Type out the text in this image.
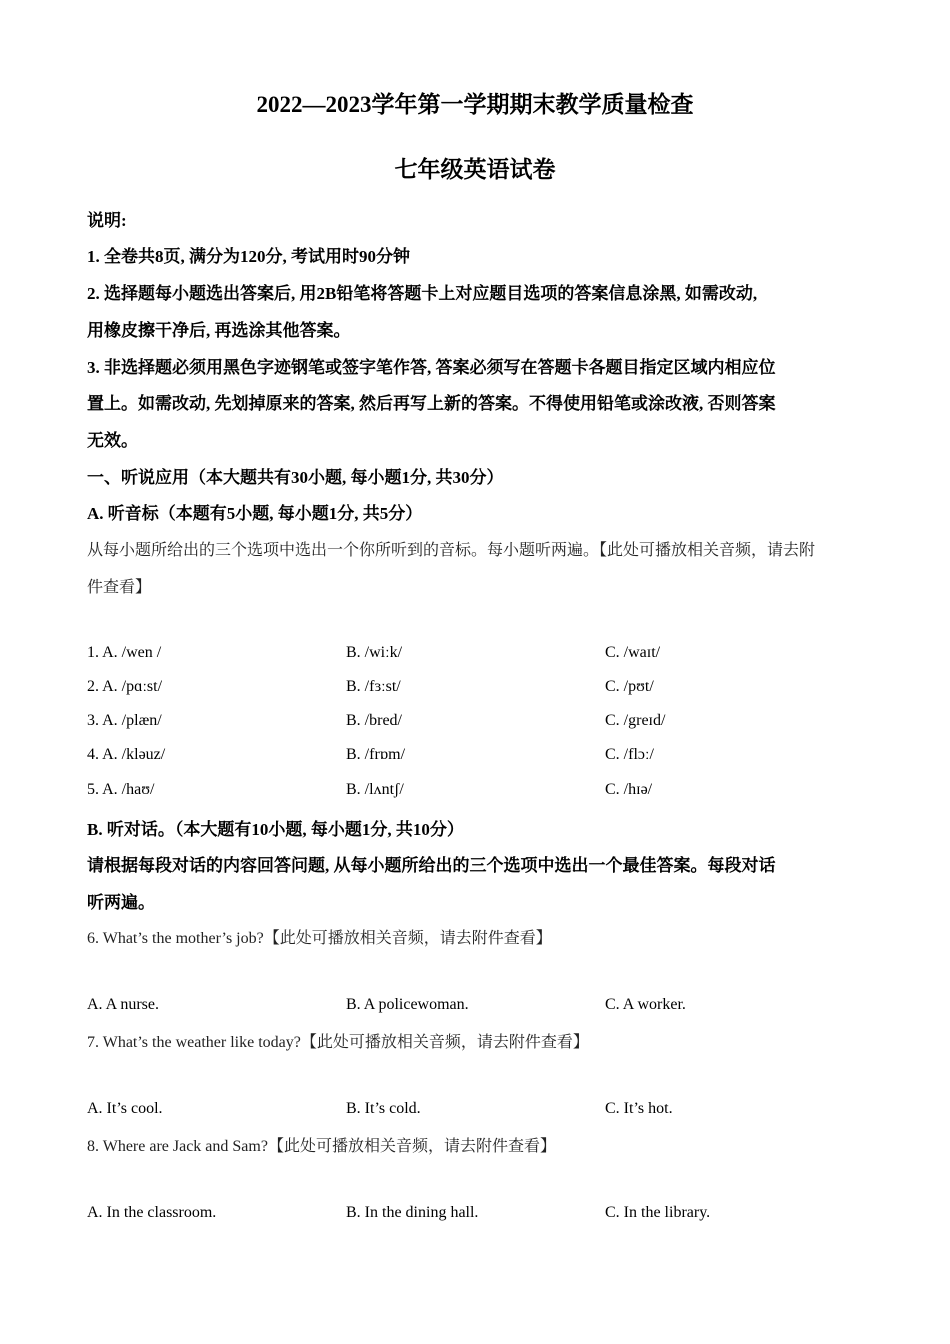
2022—2023学年第一学期期末教学质量检查
七年级英语试卷
说明:
1. 全卷共8页, 满分为120分, 考试用时90分钟
2. 选择题每小题选出答案后, 用2B铅笔将答题卡上对应题目选项的答案信息涂黑, 如需改动,
用橡皮擦干净后, 再选涂其他答案。
3. 非选择题必须用黑色字迹钢笔或签字笔作答, 答案必须写在答题卡各题目指定区域内相应位
置上。如需改动, 先划掉原来的答案, 然后再写上新的答案。不得使用铅笔或涂改液, 否则答案
无效。
一、听说应用（本大题共有30小题, 每小题1分, 共30分）
A. 听音标（本题有5小题, 每小题1分, 共5分）
从每小题所给出的三个选项中选出一个你所听到的音标。每小题听两遍。【此处可播放相关音频，请去附
件查看】
1. A. /wen /	B. /wiːk/	C. /waɪt/
2. A. /pɑːst/	B. /fɜːst/	C. /pʊt/
3. A. /plæn/	B. /bred/	C. /greɪd/
4. A. /kləuz/	B. /frɒm/	C. /flɔː/
5. A. /haʊ/	B. /lʌntʃ/	C. /hɪə/
B. 听对话。（本大题有10小题, 每小题1分, 共10分）
请根据每段对话的内容回答问题, 从每小题所给出的三个选项中选出一个最佳答案。每段对话
听两遍。
6. What’s the mother’s job?【此处可播放相关音频，请去附件查看】
A. A nurse.	B. A policewoman.	C. A worker.
7. What’s the weather like today?【此处可播放相关音频，请去附件查看】
A. It’s cool.	B. It’s cold.	C. It’s hot.
8. Where are Jack and Sam?【此处可播放相关音频，请去附件查看】
A. In the classroom.	B. In the dining hall.	C. In the library.
